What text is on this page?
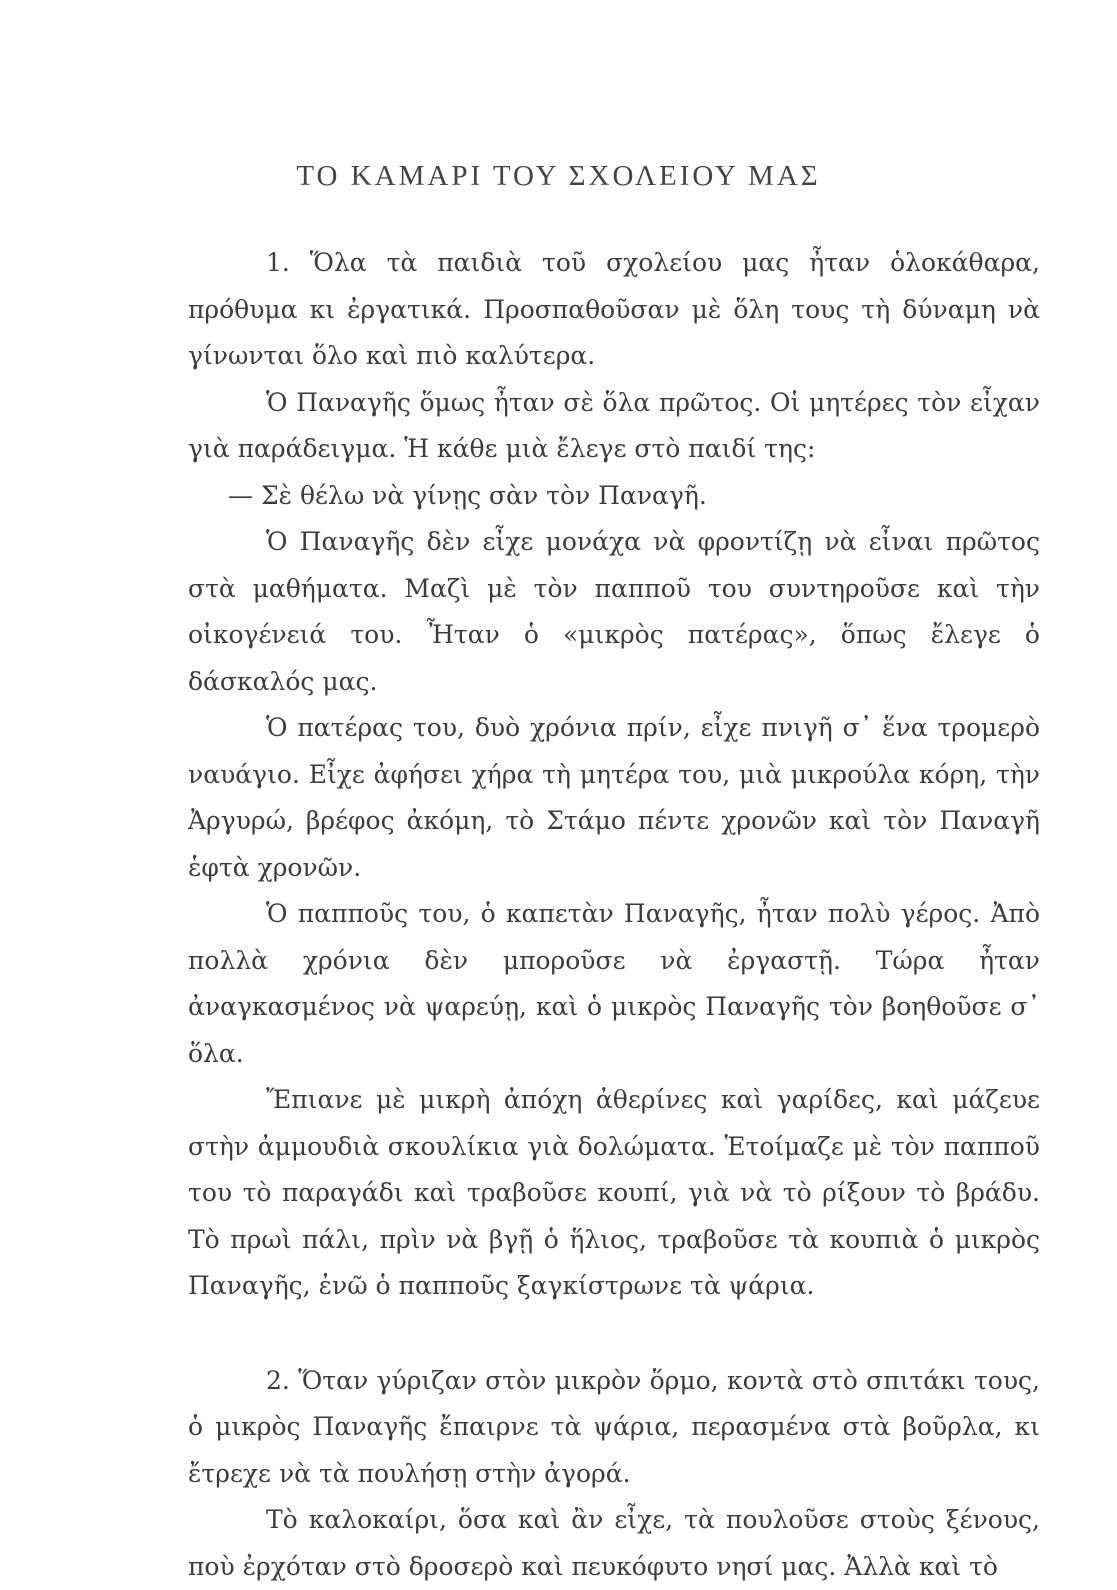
ΤΟ ΚΑΜΑΡΙ ΤΟΥ ΣΧΟΛΕΙΟΥ ΜΑΣ

1. Ὅλα τὰ παιδιὰ τοῦ σχολείου μας ἦταν ὁλοκάθαρα, πρόθυμα κι ἐργατικά. Προσπαθοῦσαν μὲ ὅλη τους τὴ δύναμη νὰ γίνωνται ὅλο καὶ πιὸ καλύτερα.

Ὁ Παναγῆς ὅμως ἦταν σὲ ὅλα πρῶτος. Οἱ μητέρες τὸν εἶχαν γιὰ παράδειγμα. Ἡ κάθε μιὰ ἔλεγε στὸ παιδί της:

— Σὲ θέλω νὰ γίνῃς σὰν τὸν Παναγῆ.

Ὁ Παναγῆς δὲν εἶχε μονάχα νὰ φροντίζῃ νὰ εἶναι πρῶτος στὰ μαθήματα. Μαζὶ μὲ τὸν παπποῦ του συντηροῦσε καὶ τὴν οἰκογένειά του. Ἦταν ὁ «μικρὸς πατέρας», ὅπως ἔλεγε ὁ δάσκαλός μας.

Ὁ πατέρας του, δυὸ χρόνια πρίν, εἶχε πνιγῆ σ᾿ ἕνα τρομερὸ ναυάγιο. Εἶχε ἀφήσει χήρα τὴ μητέρα του, μιὰ μικρούλα κόρη, τὴν Ἀργυρώ, βρέφος ἀκόμη, τὸ Στάμο πέντε χρονῶν καὶ τὸν Παναγῆ ἑφτὰ χρονῶν.

Ὁ παπποῦς του, ὁ καπετὰν Παναγῆς, ἦταν πολὺ γέρος. Ἀπὸ πολλὰ χρόνια δὲν μποροῦσε νὰ ἐργαστῇ. Τώρα ἦταν ἀναγκασμένος νὰ ψαρεύῃ, καὶ ὁ μικρὸς Παναγῆς τὸν βοηθοῦσε σ᾿ ὅλα.

Ἔπιανε μὲ μικρὴ ἀπόχη ἀθερίνες καὶ γαρίδες, καὶ μάζευε στὴν ἀμμουδιὰ σκουλίκια γιὰ δολώματα. Ἑτοίμαζε μὲ τὸν παπποῦ του τὸ παραγάδι καὶ τραβοῦσε κουπί, γιὰ νὰ τὸ ρίξουν τὸ βράδυ. Τὸ πρωὶ πάλι, πρὶν νὰ βγῇ ὁ ἥλιος, τραβοῦσε τὰ κουπιὰ ὁ μικρὸς Παναγῆς, ἐνῶ ὁ παπποῦς ξαγκίστρωνε τὰ ψάρια.

2. Ὅταν γύριζαν στὸν μικρὸν ὅρμο, κοντὰ στὸ σπιτάκι τους, ὁ μικρὸς Παναγῆς ἔπαιρνε τὰ ψάρια, περασμένα στὰ βοῦρλα, κι ἔτρεχε νὰ τὰ πουλήσῃ στὴν ἀγορά.

Τὸ καλοκαίρι, ὅσα καὶ ἂν εἶχε, τὰ πουλοῦσε στοὺς ξένους, ποὺ ἐρχόταν στὸ δροσερὸ καὶ πευκόφυτο νησί μας. Ἀλλὰ καὶ τὸ
